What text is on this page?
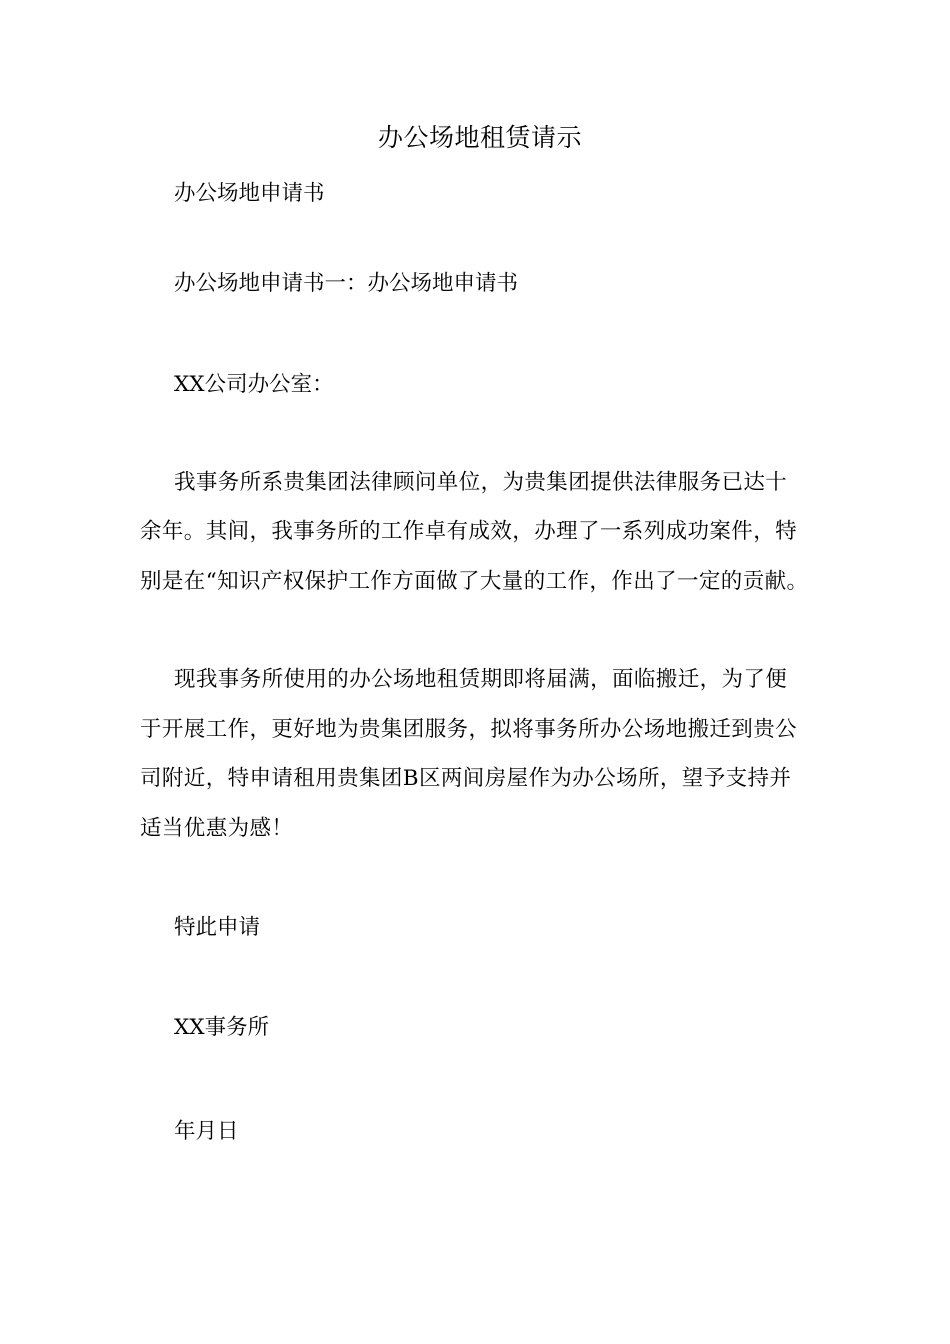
办公场地租赁请示
办公场地申请书
办公场地申请书一：办公场地申请书
XX公司办公室：
我事务所系贵集团法律顾问单位，为贵集团提供法律服务已达十
余年。其间，我事务所的工作卓有成效，办理了一系列成功案件，特
别是在“知识产权保护工作方面做了大量的工作，作出了一定的贡献。
现我事务所使用的办公场地租赁期即将届满，面临搬迁，为了便
于开展工作，更好地为贵集团服务，拟将事务所办公场地搬迁到贵公
司附近，特申请租用贵集团B区两间房屋作为办公场所，望予支持并
适当优惠为感！
特此申请
XX事务所
年月日
